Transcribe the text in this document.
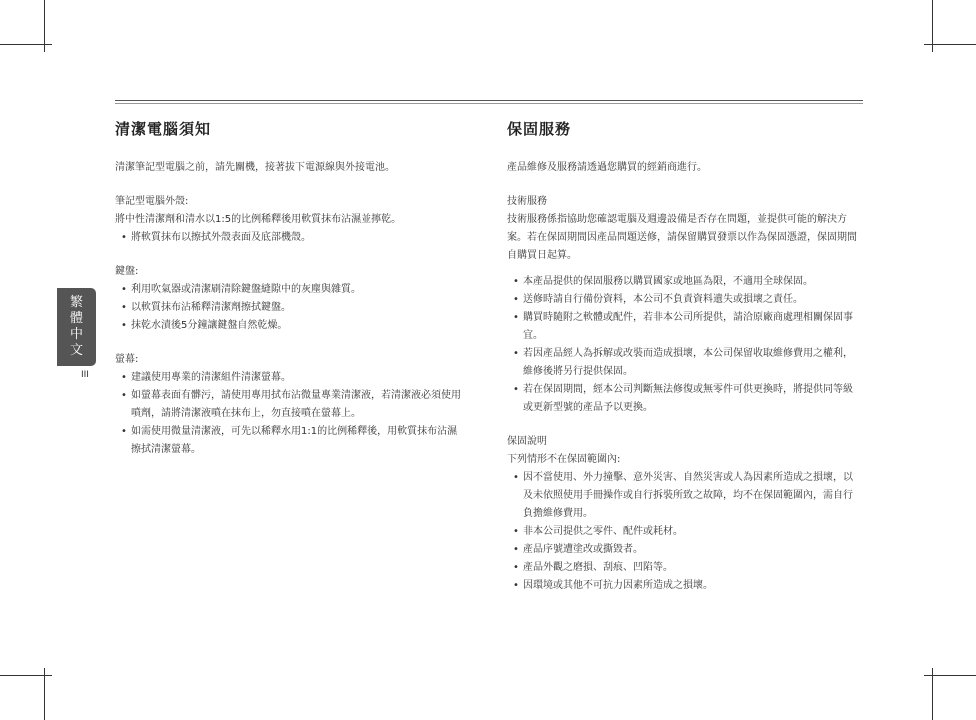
繁
體
中
文
III
清潔電腦須知

清潔筆記型電腦之前，請先關機，接著拔下電源線與外接電池。

筆記型電腦外殼:

將中性清潔劑和清水以1:5的比例稀釋後用軟質抹布沾濕並擰乾。

• 將軟質抹布以擦拭外殼表面及底部機殼。

鍵盤:

• 利用吹氣器或清潔刷清除鍵盤縫隙中的灰塵與雜質。

• 以軟質抹布沾稀釋清潔劑擦拭鍵盤。

• 抹乾水漬後5分鐘讓鍵盤自然乾燥。

螢幕:

• 建議使用專業的清潔組件清潔螢幕。

• 如螢幕表面有髒污，請使用專用拭布沾微量專業清潔液，若清潔液必須使用噴劑，請將清潔液噴在抹布上，勿直接噴在螢幕上。

• 如需使用微量清潔液，可先以稀釋水用1:1的比例稀釋後，用軟質抹布沾濕擦拭清潔螢幕。

保固服務

產品維修及服務請透過您購買的經銷商進行。

技術服務

技術服務係指協助您確認電腦及週邊設備是否存在問題，並提供可能的解決方案。若在保固期間因產品問題送修，請保留購買發票以作為保固憑證，保固期間自購買日起算。

• 本產品提供的保固服務以購買國家或地區為限，不適用全球保固。

• 送修時請自行備份資料，本公司不負責資料遺失或損壞之責任。

• 購買時隨附之軟體或配件，若非本公司所提供，請洽原廠商處理相關保固事宜。

• 若因產品經人為拆解或改裝而造成損壞，本公司保留收取維修費用之權利，維修後將另行提供保固。

• 若在保固期間，經本公司判斷無法修復或無零件可供更換時，將提供同等級或更新型號的產品予以更換。

保固說明

下列情形不在保固範圍內:

• 因不當使用、外力撞擊、意外災害、自然災害或人為因素所造成之損壞，以及未依照使用手冊操作或自行拆裝所致之故障，均不在保固範圍內，需自行負擔維修費用。

• 非本公司提供之零件、配件或耗材。

• 產品序號遭塗改或撕毀者。

• 產品外觀之磨損、刮痕、凹陷等。

• 因環境或其他不可抗力因素所造成之損壞。
